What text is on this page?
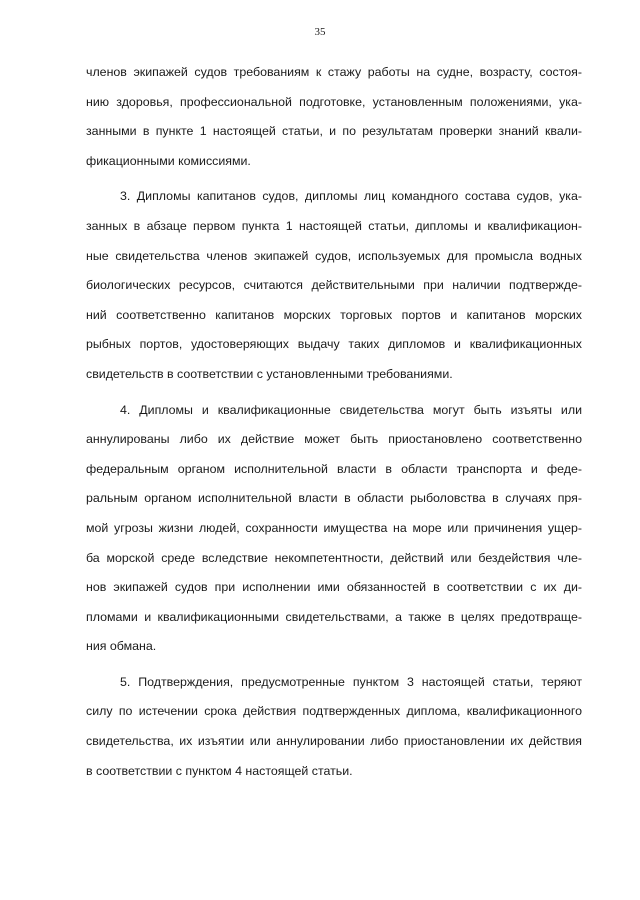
35
членов экипажей судов требованиям к стажу работы на судне, возрасту, состоя-
нию здоровья, профессиональной подготовке, установленным положениями, ука-
занными в пункте 1 настоящей статьи, и по результатам проверки знаний квали-
фикационными комиссиями.
3. Дипломы капитанов судов, дипломы лиц командного состава судов, ука-
занных в абзаце первом пункта 1 настоящей статьи, дипломы и квалификацион-
ные свидетельства членов экипажей судов, используемых для промысла водных
биологических ресурсов, считаются действительными при наличии подтвержде-
ний соответственно капитанов морских торговых портов и капитанов морских
рыбных портов, удостоверяющих выдачу таких дипломов и квалификационных
свидетельств в соответствии с установленными требованиями.
4. Дипломы и квалификационные свидетельства могут быть изъяты или
аннулированы либо их действие может быть приостановлено соответственно
федеральным органом исполнительной власти в области транспорта и феде-
ральным органом исполнительной власти в области рыболовства в случаях пря-
мой угрозы жизни людей, сохранности имущества на море или причинения ущер-
ба морской среде вследствие некомпетентности, действий или бездействия чле-
нов экипажей судов при исполнении ими обязанностей в соответствии с их ди-
пломами и квалификационными свидетельствами, а также в целях предотвраще-
ния обмана.
5. Подтверждения, предусмотренные пунктом 3 настоящей статьи, теряют
силу по истечении срока действия подтвержденных диплома, квалификационного
свидетельства, их изъятии или аннулировании либо приостановлении их действия
в соответствии с пунктом 4 настоящей статьи.
